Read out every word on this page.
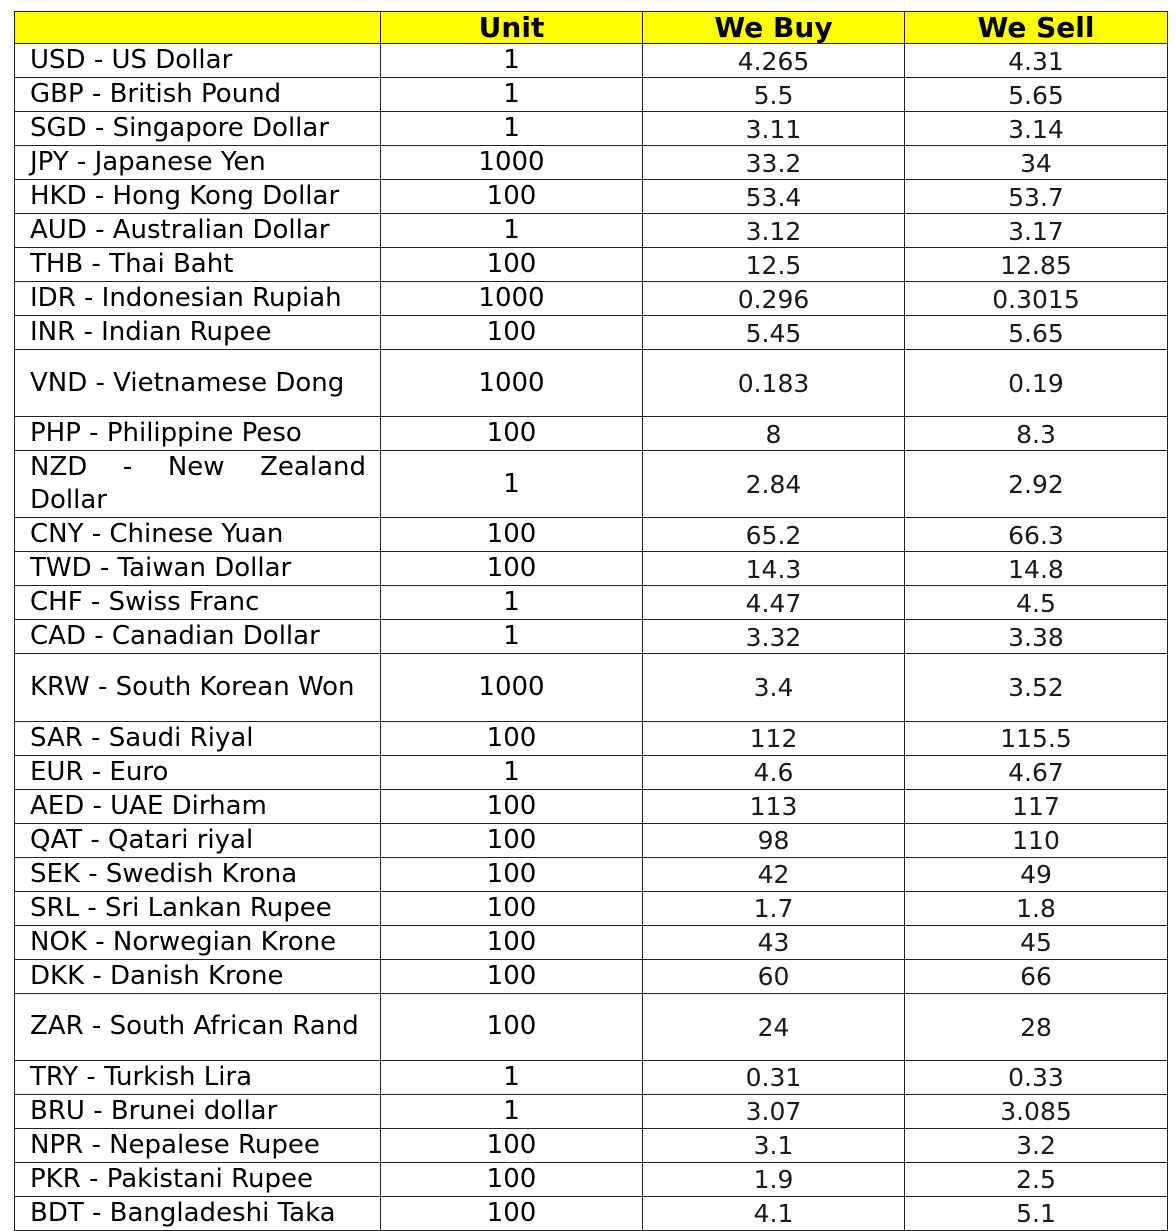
	Unit	We Buy	We Sell
USD - US Dollar	1	4.265	4.31

GBP - British Pound	1	5.5	5.65

SGD - Singapore Dollar	1	3.11	3.14

JPY - Japanese Yen	1000	33.2	34

HKD - Hong Kong Dollar	100	53.4	53.7

AUD - Australian Dollar	1	3.12	3.17

THB - Thai Baht	100	12.5	12.85

IDR - Indonesian Rupiah	1000	0.296	0.3015

INR - Indian Rupee	100	5.45	5.65

VND - Vietnamese Dong	1000	0.183	0.19

PHP - Philippine Peso	100	8	8.3

NZD - New Zealand Dollar	1	2.84	2.92

CNY - Chinese Yuan	100	65.2	66.3

TWD - Taiwan Dollar	100	14.3	14.8

CHF - Swiss Franc	1	4.47	4.5

CAD - Canadian Dollar	1	3.32	3.38

KRW - South Korean Won	1000	3.4	3.52

SAR - Saudi Riyal	100	112	115.5

EUR - Euro	1	4.6	4.67

AED - UAE Dirham	100	113	117

QAT - Qatari riyal	100	98	110

SEK - Swedish Krona	100	42	49

SRL - Sri Lankan Rupee	100	1.7	1.8

NOK - Norwegian Krone	100	43	45

DKK - Danish Krone	100	60	66

ZAR - South African Rand	100	24	28

TRY - Turkish Lira	1	0.31	0.33

BRU - Brunei dollar	1	3.07	3.085

NPR - Nepalese Rupee	100	3.1	3.2

PKR - Pakistani Rupee	100	1.9	2.5

BDT - Bangladeshi Taka	100	4.1	5.1
